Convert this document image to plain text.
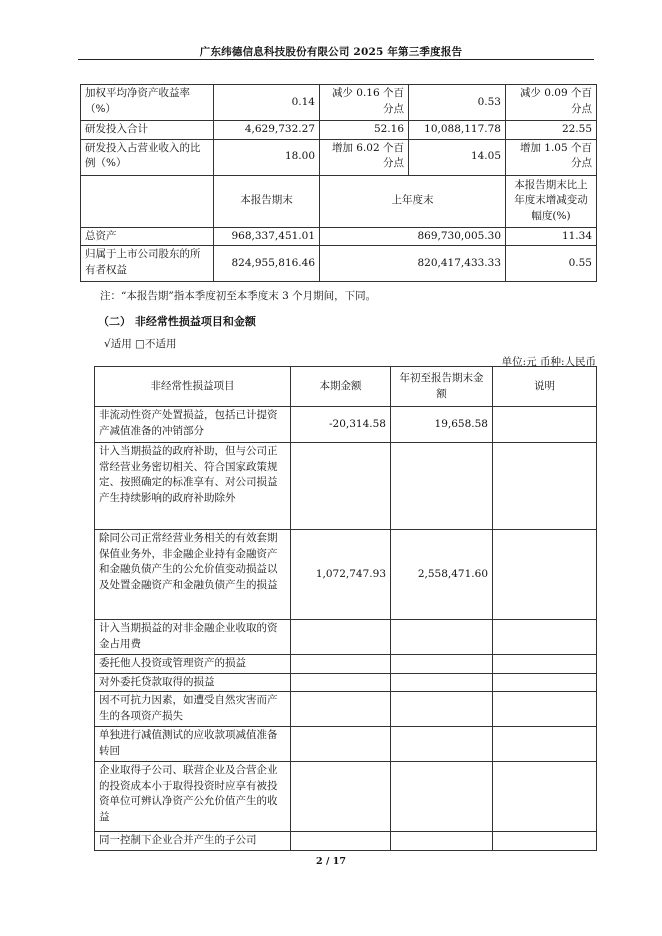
广东纬德信息科技股份有限公司 2025 年第三季度报告
加权平均净资产收益率（%）	0.14	减少 0.16 个百分点	0.53	减少 0.09 个百分点
研发投入合计	4,629,732.27	52.16	10,088,117.78	22.55
研发投入占营业收入的比例（%）	18.00	增加 6.02 个百分点	14.05	增加 1.05 个百分点
	本报告期末	上年度末		本报告期末比上年度末增减变动幅度(%)
总资产	968,337,451.01	869,730,005.30		11.34
归属于上市公司股东的所有者权益	824,955,816.46	820,417,433.33		0.55
注：“本报告期”指本季度初至本季度末 3 个月期间，下同。
（二） 非经常性损益项目和金额
√适用 □不适用
单位:元 币种:人民币
非经常性损益项目	本期金额	年初至报告期末金额	说明
非流动性资产处置损益，包括已计提资产减值准备的冲销部分	-20,314.58	19,658.58	
计入当期损益的政府补助，但与公司正常经营业务密切相关、符合国家政策规定、按照确定的标准享有、对公司损益产生持续影响的政府补助除外			
除同公司正常经营业务相关的有效套期保值业务外，非金融企业持有金融资产和金融负债产生的公允价值变动损益以及处置金融资产和金融负债产生的损益	1,072,747.93	2,558,471.60	
计入当期损益的对非金融企业收取的资金占用费			
委托他人投资或管理资产的损益			
对外委托贷款取得的损益			
因不可抗力因素，如遭受自然灾害而产生的各项资产损失			
单独进行减值测试的应收款项减值准备转回			
企业取得子公司、联营企业及合营企业的投资成本小于取得投资时应享有被投资单位可辨认净资产公允价值产生的收益			
同一控制下企业合并产生的子公司			
2 / 17
